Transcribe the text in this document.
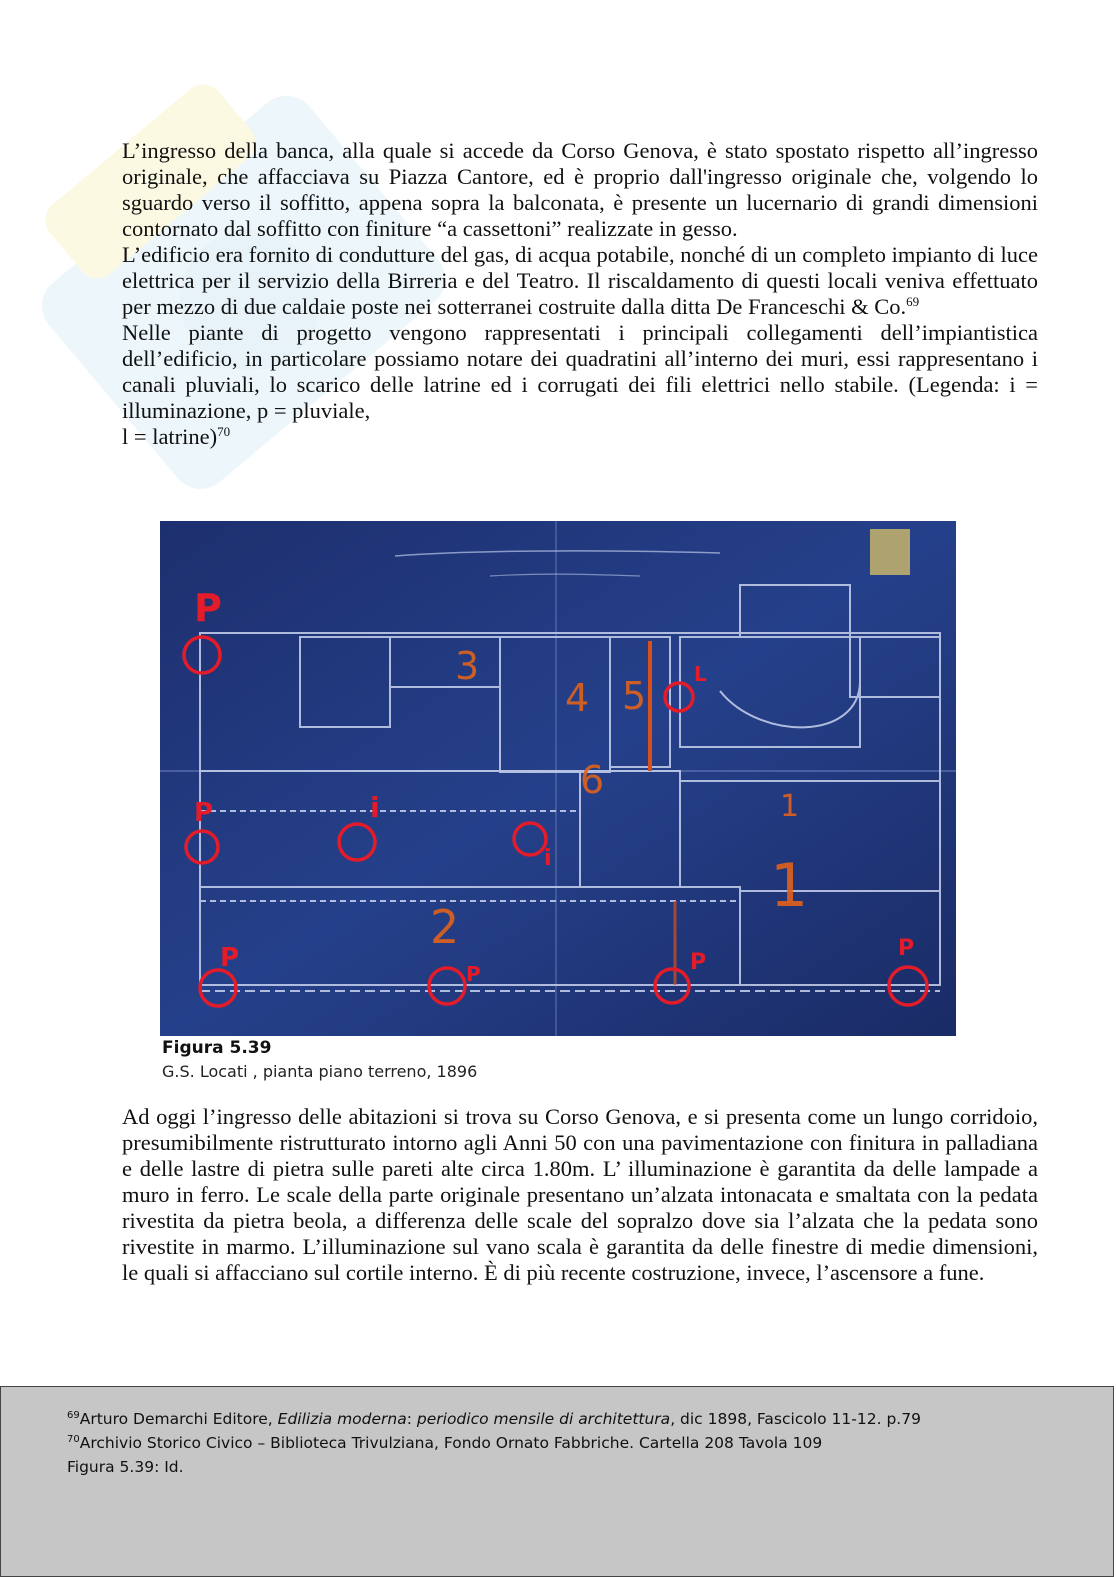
L’ingresso della banca, alla quale si accede da Corso Genova, è stato spostato rispetto all’ingresso originale, che affacciava su Piazza Cantore, ed è proprio dall'ingresso originale che, volgendo lo sguardo verso il soffitto, appena sopra la balconata, è presente un lucernario di grandi dimensioni contornato dal soffitto con finiture “a cassettoni” realizzate in gesso.

L’edificio era fornito di condutture del gas, di acqua potabile, nonché di un completo impianto di luce elettrica per il servizio della Birreria e del Teatro. Il riscaldamento di questi locali veniva effettuato per mezzo di due caldaie poste nei sotterranei costruite dalla ditta De Franceschi & Co.$^{69}$

Nelle piante di progetto vengono rappresentati i principali collegamenti dell’impiantistica dell’edificio, in particolare possiamo notare dei quadratini all’interno dei muri, essi rappresentano i canali pluviali, lo scarico delle latrine ed i corrugati dei fili elettrici nello stabile. (Legenda: i = illuminazione, p = pluviale,

l = latrine)$^{70}$

3
4 5
6
1
2
1
P
P
P
P	P
P
i
i
L
Figura 5.39
G.S. Locati , pianta piano terreno, 1896

Ad oggi l’ingresso delle abitazioni si trova su Corso Genova, e si presenta come un lungo corridoio, presumibilmente ristrutturato intorno agli Anni 50 con una pavimentazione con finitura in palladiana e delle lastre di pietra sulle pareti alte circa 1.80m. L’ illuminazione è garantita da delle lampade a muro in ferro. Le scale della parte originale presentano un’alzata intonacata e smaltata con la pedata rivestita da pietra beola, a differenza delle scale del sopralzo dove sia l’alzata che la pedata sono rivestite in marmo. L’illuminazione sul vano scala è garantita da delle finestre di medie dimensioni, le quali si affacciano sul cortile interno. È di più recente costruzione, invece, l’ascensore a fune.

$^{69}$Arturo Demarchi Editore, Edilizia moderna: periodico mensile di architettura, dic 1898, Fascicolo 11-12. p.79
$^{70}$Archivio Storico Civico – Biblioteca Trivulziana, Fondo Ornato Fabbriche. Cartella 208 Tavola 109
Figura 5.39: Id.
